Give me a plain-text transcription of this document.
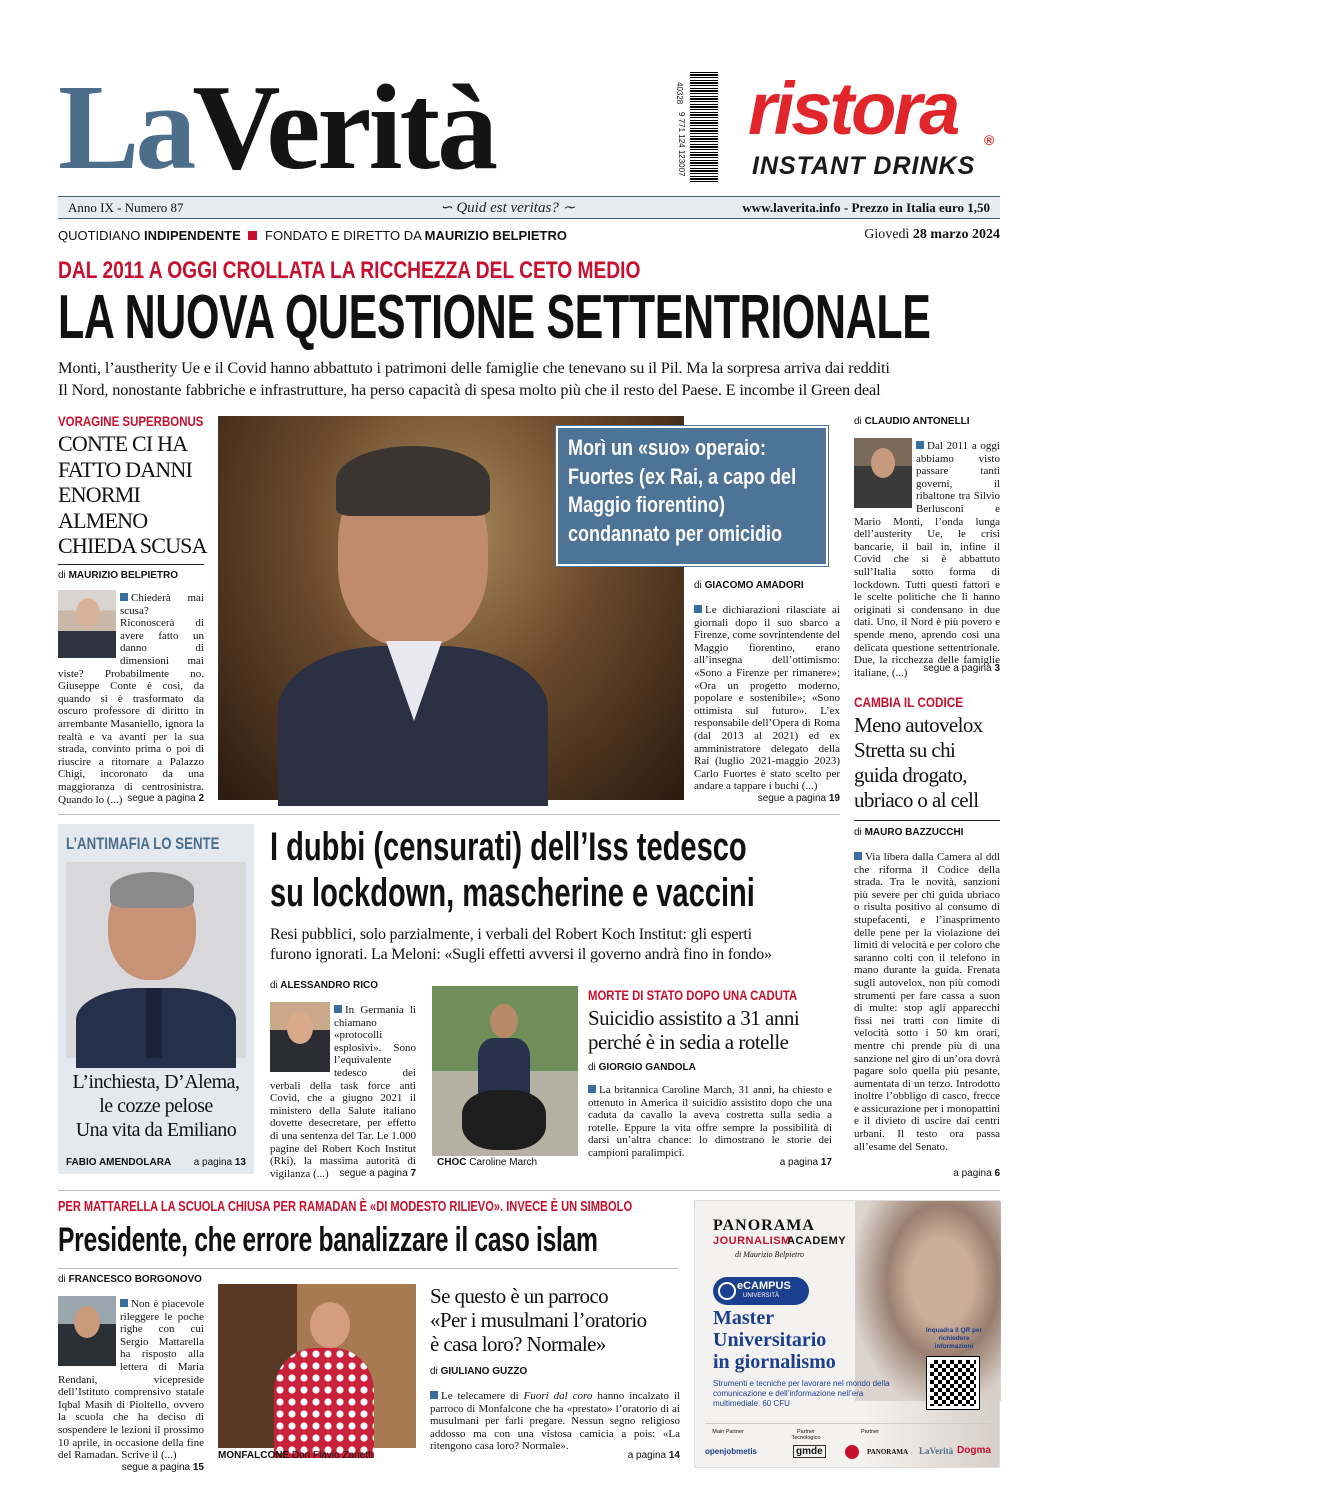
LaVerità	40328
9 771 124 123007 ristora ®
INSTANT DRINKS
Anno IX - Numero 87	∽ Quid est veritas? ∼	www.laverita.info - Prezzo in Italia euro 1,50
QUOTIDIANO INDIPENDENTE FONDATO E DIRETTO DA MAURIZIO BELPIETRO	Giovedì 28 marzo 2024
DAL 2011 A OGGI CROLLATA LA RICCHEZZA DEL CETO MEDIO
LA NUOVA QUESTIONE SETTENTRIONALE
Monti, l’austherity Ue e il Covid hanno abbattuto i patrimoni delle famiglie che tenevano su il Pil. Ma la sorpresa arriva dai redditi
Il Nord, nonostante fabbriche e infrastrutture, ha perso capacità di spesa molto più che il resto del Paese. E incombe il Green deal
VORAGINE SUPERBONUS
CONTE CI HA
FATTO DANNI
ENORMI
ALMENO
CHIEDA SCUSA
di MAURIZIO BELPIETRO
Chiederà mai scusa? Riconoscerà di avere fatto un danno di dimensioni mai viste? Probabilmente no. Giuseppe Conte è così, da quando si è trasformato da oscuro professore di diritto in arrembante Masaniello, ignora la realtà e va avanti per la sua strada, convinto prima o poi di riuscire a ritornare a Palazzo Chigi, incoronato da una maggioranza di centrosinistra. Quando lo (...) segue a pagina 2
Morì un «suo» operaio: Fuortes (ex Rai, a capo del Maggio fiorentino) condannato per omicidio
di GIACOMO AMADORI
Le dichiarazioni rilasciate ai giornali dopo il suo sbarco a Firenze, come sovrintendente del Maggio fiorentino, erano all’insegna dell’ottimismo: «Sono a Firenze per rimanere»; «Ora un progetto moderno, popolare e sostenibile»; «Sono ottimista sul futuro». L’ex responsabile dell’Opera di Roma (dal 2013 al 2021) ed ex amministratore delegato della Rai (luglio 2021-maggio 2023) Carlo Fuortes è stato scelto per andare a tappare i buchi (...)
segue a pagina 19
di CLAUDIO ANTONELLI
Dal 2011 a oggi abbiamo visto passare tanti governi, il ribaltone tra Silvio Berlusconi e Mario Monti, l’onda lunga dell’austerity Ue, le crisi bancarie, il bail in, infine il Covid che si è abbattuto sull’Italia sotto forma di lockdown. Tutti questi fattori e le scelte politiche che li hanno originati si condensano in due dati. Uno, il Nord è più povero e spende meno, aprendo così una delicata questione settentrionale. Due, la ricchezza delle famiglie italiane, (...)	segue a pagina 3
CAMBIA IL CODICE
Meno autovelox
Stretta su chi
guida drogato,
ubriaco o al cell
di MAURO BAZZUCCHI
Via libera dalla Camera al ddl che riforma il Codice della strada. Tra le novità, sanzioni più severe per chi guida ubriaco o risulta positivo al consumo di stupefacenti, e l’inasprimento delle pene per la violazione dei limiti di velocità e per coloro che saranno colti con il telefono in mano durante la guida. Frenata sugli autovelox, non più comodi strumenti per fare cassa a suon di multe: stop agli apparecchi fissi nei tratti con limite di velocità sotto i 50 km orari, mentre chi prende più di una sanzione nel giro di un’ora dovrà pagare solo quella più pesante, aumentata di un terzo. Introdotto inoltre l’obbligo di casco, frecce e assicurazione per i monopattini e il divieto di uscire dai centri urbani. Il testo ora passa all’esame del Senato.
a pagina 6
L’ANTIMAFIA LO SENTE
L’inchiesta, D’Alema,
le cozze pelose
Una vita da Emiliano
FABIO AMENDOLARA a pagina 13
I dubbi (censurati) dell’Iss tedesco
su lockdown, mascherine e vaccini
Resi pubblici, solo parzialmente, i verbali del Robert Koch Institut: gli esperti
furono ignorati. La Meloni: «Sugli effetti avversi il governo andrà fino in fondo»
di ALESSANDRO RICO
In Germania li chiamano «protocolli esplosivi». Sono l’equivalente tedesco dei verbali della task force anti Covid, che a giugno 2021 il ministero della Salute italiano dovette desecretare, per effetto di una sentenza del Tar. Le 1.000 pagine del Robert Koch Institut (Rki), la massima autorità di vigilanza (...)	segue a pagina 7
CHOC Caroline March
MORTE DI STATO DOPO UNA CADUTA
Suicidio assistito a 31 anni
perché è in sedia a rotelle
di GIORGIO GANDOLA
La britannica Caroline March, 31 anni, ha chiesto e ottenuto in America il suicidio assistito dopo che una caduta da cavallo la aveva costretta sulla sedia a rotelle. Eppure la vita offre sempre la possibilità di darsi un’altra chance: lo dimostrano le storie dei campioni paralimpici.
a pagina 17
PER MATTARELLA LA SCUOLA CHIUSA PER RAMADAN È «DI MODESTO RILIEVO». INVECE È UN SIMBOLO
Presidente, che errore banalizzare il caso islam
di FRANCESCO BORGONOVO
Non è piacevole rileggere le poche righe con cui Sergio Mattarella ha risposto alla lettera di Maria Rendani, vicepreside dell’Istituto comprensivo statale Iqbal Masih di Pioltello, ovvero la scuola che ha deciso di sospendere le lezioni il prossimo 10 aprile, in occasione della fine del Ramadan. Scrive il (...)
segue a pagina 15
MONFALCONE Don Flavio Zanetti
Se questo è un parroco
«Per i musulmani l’oratorio
è casa loro? Normale»
di GIULIANO GUZZO
Le telecamere di Fuori dal coro hanno incalzato il parroco di Monfalcone che ha «prestato» l’oratorio di ai musulmani per farli pregare. Nessun segno religioso addosso ma con una vistosa camicia a pois: «La ritengono casa loro? Normale».
a pagina 14
PANORAMA
JOURNALISM
ACADEMY
di Maurizio Belpietro
eCAMPUS
UNIVERSITÀ
Master
Universitario
in giornalismo
Strumenti e tecniche per lavorare nel mondo della comunicazione e dell’informazione nell’era multimediale. 60 CFU
Inquadra il QR per richiedere informazioni
Main Partner	Partner Tecnologico
Partner
openjobmetis	gmde	PANORAMA LaVerità Dogma
